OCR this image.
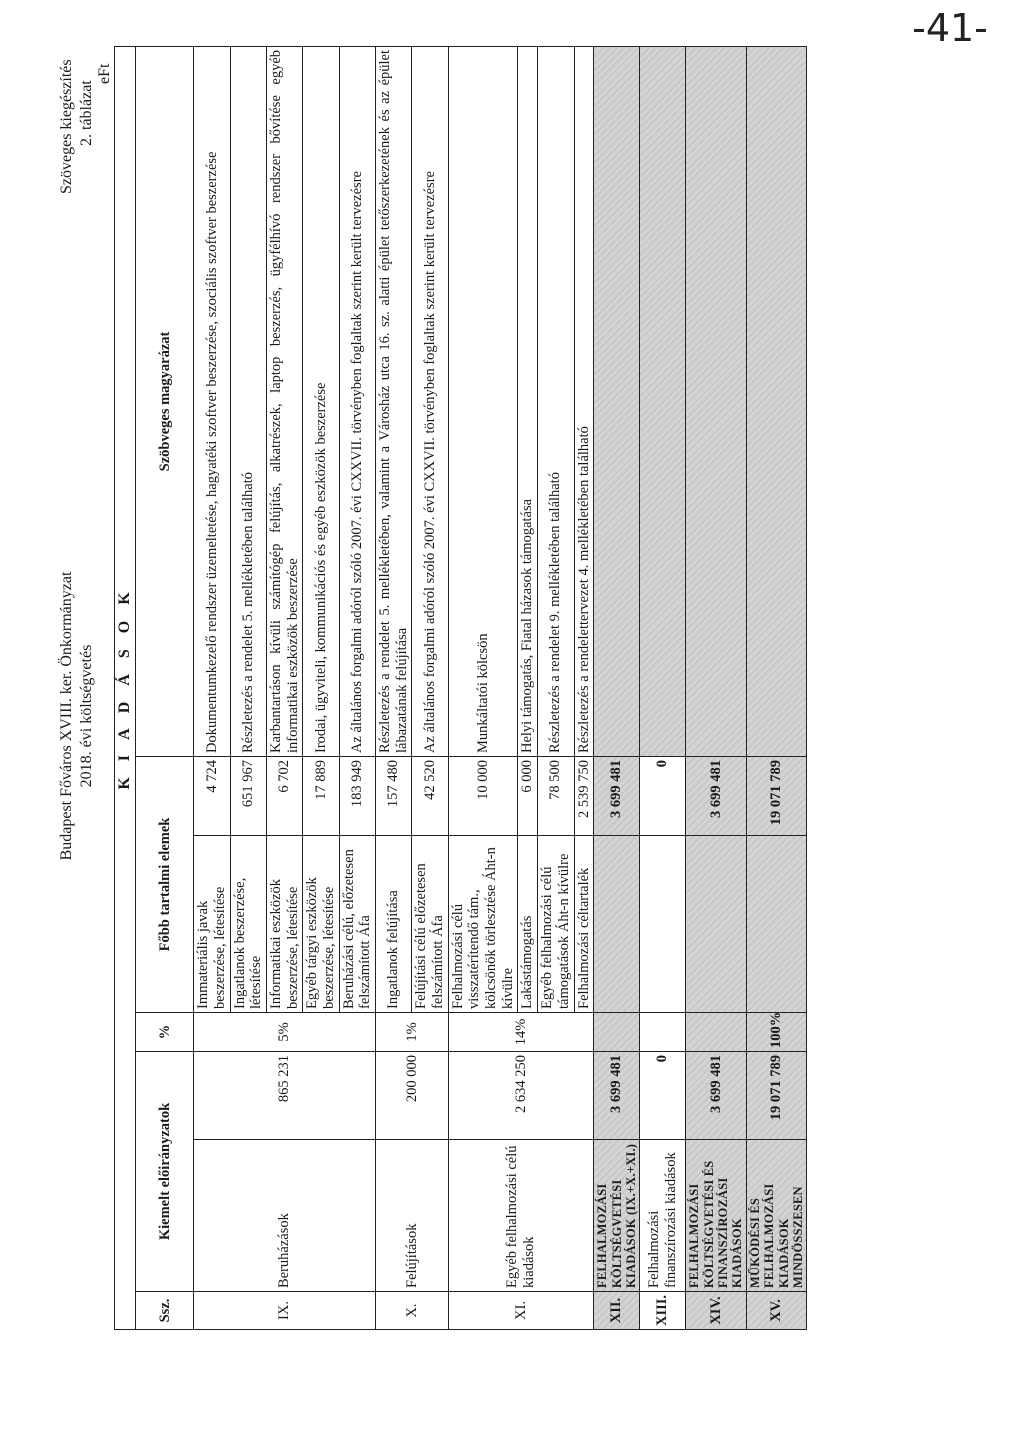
Budapest Főváros XVIII. ker. Önkormányzat 2018. évi költségvetés
Szöveges kiegészítés 2. táblázat
eFt
K I A D Á S O K						
Ssz.	Kiemelt előirányzatok		%	Főbb tartalmi elemek		Szöbveges magyarázat
IX.	Beruházások	865 231	5%	Immateriális javak beszerzése, létesítése	4 724	Dokumentumkezelő rendszer üzemeltetése, hagyatéki szoftver beszerzése, szociális szoftver beszerzése
				Ingatlanok beszerzése, létesítése	651 967	Részletezés a rendelet 5. mellékletében található
				Informatikai eszközök beszerzése, létesítése	6 702	Karbantartáson kívüli számítógép felújítás, alkatrészek, laptop beszerzés, ügyfélhívó rendszer bővítése egyéb informatikai eszközök beszerzése
				Egyéb tárgyi eszközök beszerzése, létesítése	17 889	Irodai, ügyviteli, kommunikációs és egyéb eszközök beszerzése
				Beruházási célú, előzetesen felszámított Áfa	183 949	Az általános forgalmi adóról szóló 2007. évi CXXVII. törvényben foglaltak szerint került tervezésre
X.	Felújítások	200 000	1%	Ingatlanok felújítása	157 480	Részletezés a rendelet 5. mellékletében, valamint a Városház utca 16. sz. alatti épület tetőszerkezetének és az épület lábazatának felújítása
				Felújítási célú előzetesen felszámított Áfa	42 520	Az általános forgalmi adóról szóló 2007. évi CXXVII. törvényben foglaltak szerint került tervezésre
XI.	Egyéb felhalmozási célú kiadások	2 634 250	14%	Felhalmozási célú visszatérítendő tám., kölcsönök törlesztése Áht-n kívülre	10 000	Munkáltatói kölcsön
				Lakástámogatás	6 000	Helyi támogatás, Fiatal házasok támogatása
				Egyéb felhalmozási célú támogatások Áht-n kívülre	78 500	Részletezés a rendelet 9. mellékletében található
				Felhalmozási céltartalék	2 539 750	Részletezés a rendelettervezet 4. mellékletében található
XII.	FELHALMOZÁSI KÖLTSÉGVETÉSI KIADÁSOK (IX.+X.+XI.)	3 699 481			3 699 481	
XIII.	Felhalmozási finanszírozási kiadások	0			0	
XIV.	FELHALMOZÁSI KÖLTSÉGVETÉSI ÉS FINANSZÍROZÁSI KIADÁSOK	3 699 481			3 699 481	
XV.	MŰKÖDÉSI ÉS FELHALMOZÁSI KIADÁSOK MINDÖSSZESEN	19 071 789	100%		19 071 789	
-41-
